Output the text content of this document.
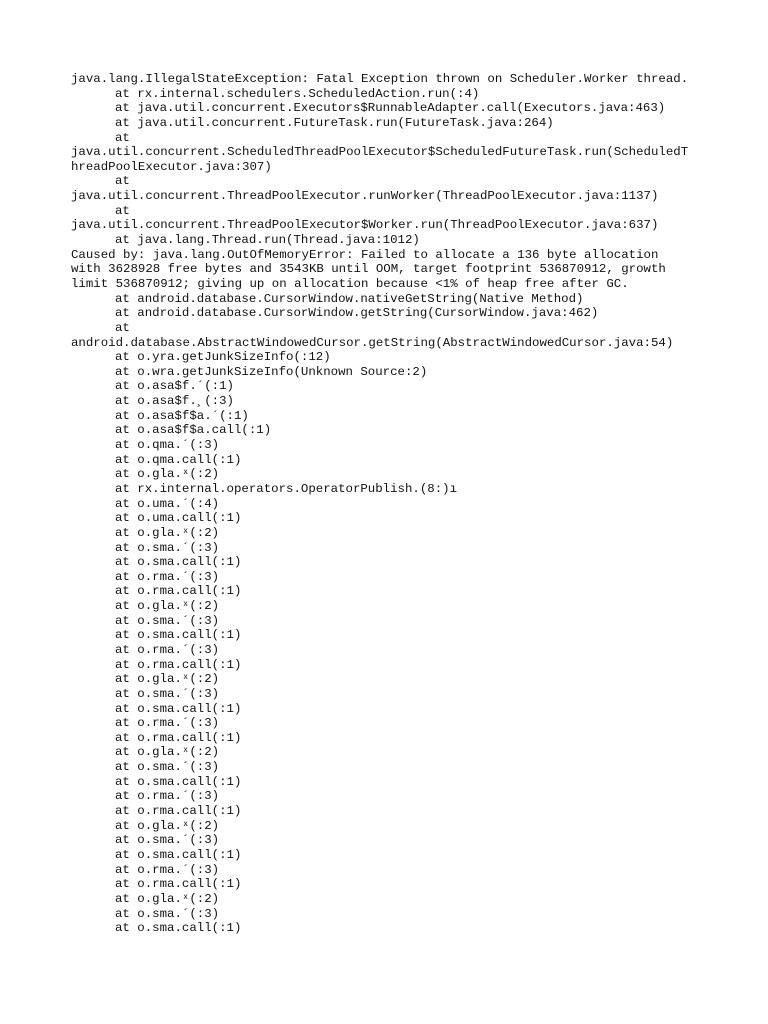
java.lang.IllegalStateException: Fatal Exception thrown on Scheduler.Worker thread.
at rx.internal.schedulers.ScheduledAction.run(:4)
at java.util.concurrent.Executors$RunnableAdapter.call(Executors.java:463)
at java.util.concurrent.FutureTask.run(FutureTask.java:264)
at
java.util.concurrent.ScheduledThreadPoolExecutor$ScheduledFutureTask.run(ScheduledT
hreadPoolExecutor.java:307)
at
java.util.concurrent.ThreadPoolExecutor.runWorker(ThreadPoolExecutor.java:1137)
at
java.util.concurrent.ThreadPoolExecutor$Worker.run(ThreadPoolExecutor.java:637)
at java.lang.Thread.run(Thread.java:1012)
Caused by: java.lang.OutOfMemoryError: Failed to allocate a 136 byte allocation
with 3628928 free bytes and 3543KB until OOM, target footprint 536870912, growth
limit 536870912; giving up on allocation because <1% of heap free after GC.
at android.database.CursorWindow.nativeGetString(Native Method)
at android.database.CursorWindow.getString(CursorWindow.java:462)
at
android.database.AbstractWindowedCursor.getString(AbstractWindowedCursor.java:54)
at o.yra.getJunkSizeInfo(:12)
at o.wra.getJunkSizeInfo(Unknown Source:2)
at o.asa$f.´(:1)
at o.asa$f.¸(:3)
at o.asa$f$a.´(:1)
at o.asa$f$a.call(:1)
at o.qma.´(:3)
at o.qma.call(:1)
at o.gla.ˣ(:2)
at rx.internal.operators.OperatorPublish.(8:)ı
at o.uma.´(:4)
at o.uma.call(:1)
at o.gla.ˣ(:2)
at o.sma.´(:3)
at o.sma.call(:1)
at o.rma.´(:3)
at o.rma.call(:1)
at o.gla.ˣ(:2)
at o.sma.´(:3)
at o.sma.call(:1)
at o.rma.´(:3)
at o.rma.call(:1)
at o.gla.ˣ(:2)
at o.sma.´(:3)
at o.sma.call(:1)
at o.rma.´(:3)
at o.rma.call(:1)
at o.gla.ˣ(:2)
at o.sma.´(:3)
at o.sma.call(:1)
at o.rma.´(:3)
at o.rma.call(:1)
at o.gla.ˣ(:2)
at o.sma.´(:3)
at o.sma.call(:1)
at o.rma.´(:3)
at o.rma.call(:1)
at o.gla.ˣ(:2)
at o.sma.´(:3)
at o.sma.call(:1)
